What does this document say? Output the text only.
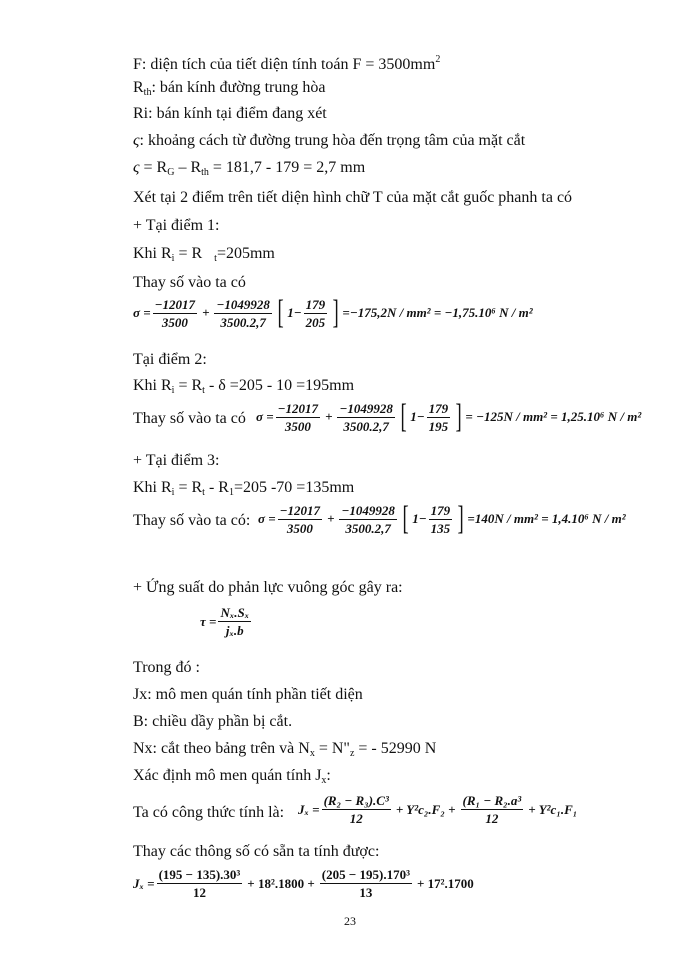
F: diện tích của tiết diện tính toán $F = 3500mm^2$
$R_{th}$: bán kính đường trung hòa
Ri: bán kính tại điểm đang xét
ς: khoảng cách từ đường trung hòa đến trọng tâm của mặt cắt
$\varsigma = R_G - R_{th} = 181,7 - 179 = 2,7$ mm
Xét tại 2 điểm trên tiết diện hình chữ T của mặt cắt guốc phanh ta có
+ Tại điểm 1:
Khi $R_i = R$ $_t$=205mm
Thay số vào ta có
$\sigma = \frac{-12017}{3500} + \frac{-1049928}{3500.2,7}$ [ $1- \frac{179}{205}$ ] =−175,2N / mm² = −1,75.10⁶ N / m²
Tại điểm 2:
Khi $R_i = R_t - \delta =205 - 10 =195mm$
Thay số vào ta có $\sigma = \frac{-12017}{3500} + \frac{-1049928}{3500.2,7}$ [ $1- \frac{179}{195}$ ] = −125N / mm² = 1,25.10⁶ N / m²
+ Tại điểm 3:
Khi $R_i = R_t - R_1=205$ -70 =135mm
Thay số vào ta có: $\sigma = \frac{-12017}{3500} + \frac{-1049928}{3500.2,7}$ [ $1- \frac{179}{135}$ ] =140N / mm² = 1,4.10⁶ N / m²
+ Ứng suất do phản lực vuông góc gây ra:
$\tau = \frac{\text{Nₓ.Sₓ}}{\text{jₓ.b}}$
Trong đó :
Jx: mô men quán tính phần tiết diện
B: chiều dầy phần bị cắt.
Nx: cắt theo bảng trên và $N_x$ = $N"_z$ = - 52990 N
Xác định mô men quán tính $J_x$:
Ta có công thức tính là: $J_x = \frac{\text{(R₂ − R₃).C³}}{12} + Y^2c_2.F_2 + \frac{\text{(R₁ − R₂.a³}}{12} + Y^2c_1.F_1$
Thay các thông số có sẵn ta tính được:
$J_x = \frac{\text{(195 − 135).30³}}{12} + 18^2.1800 + \frac{\text{(205 − 195).170³}}{13} + 17^2.1700$
23
